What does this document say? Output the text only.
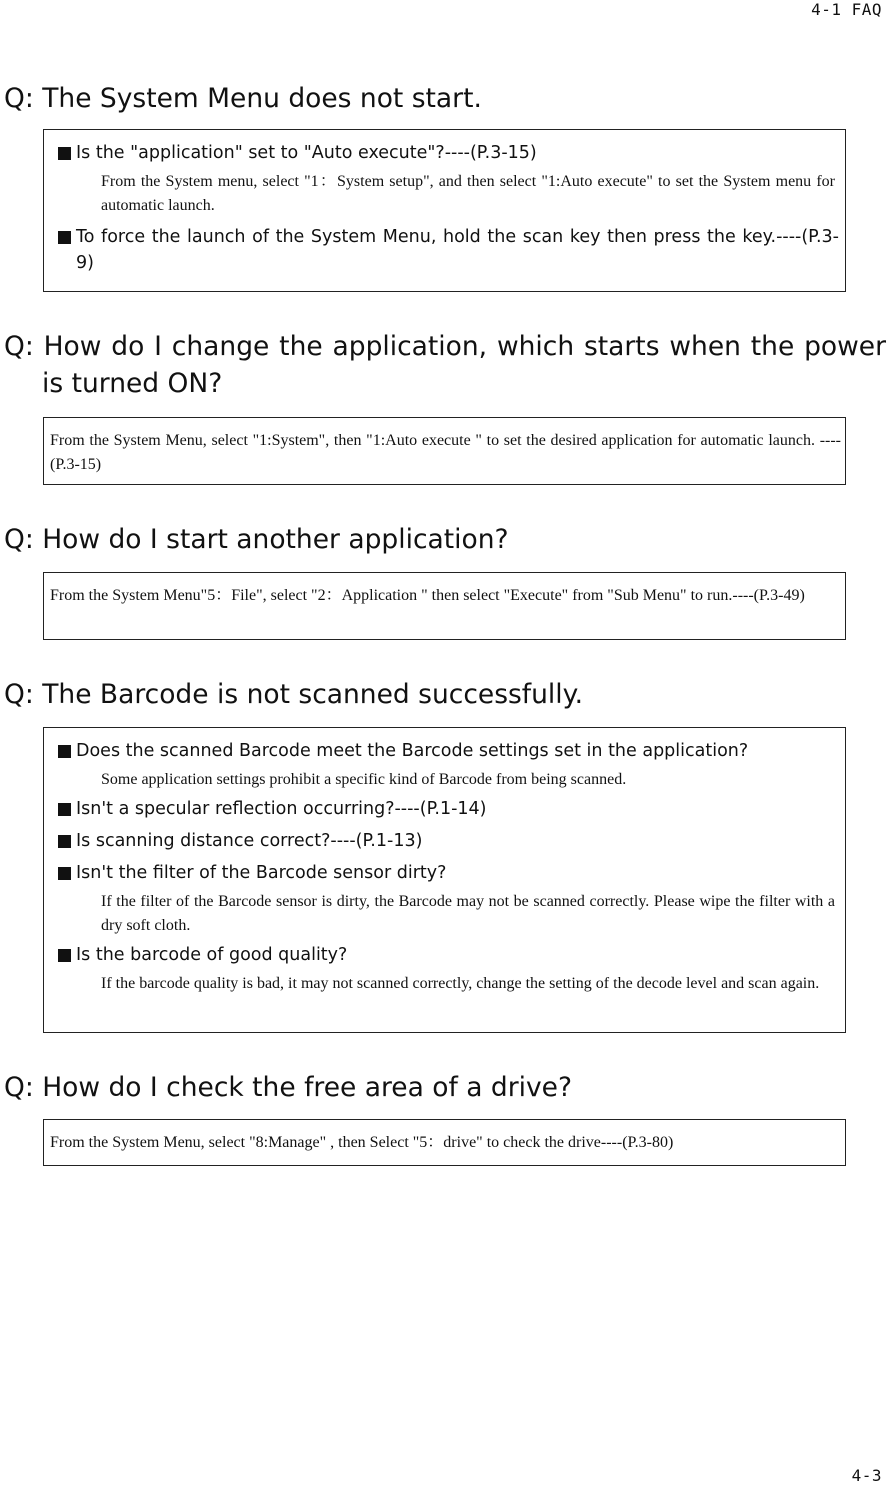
4-1 FAQ
Q: The System Menu does not start.
Is the "application" set to "Auto execute"?----(P.3-15)
From the System menu, select "1：System setup", and then select "1:Auto execute" to set the System menu for automatic launch.
To force the launch of the System Menu, hold the scan key then press the key.----(P.3-9)
Q: How do I change the application, which starts when the power is turned ON?
From the System Menu, select "1:System", then "1:Auto execute " to set the desired application for automatic launch. ----(P.3-15)
Q: How do I start another application?
From the System Menu"5：File", select "2：Application " then select "Execute" from "Sub Menu" to run.----(P.3-49)
Q: The Barcode is not scanned successfully.
Does the scanned Barcode meet the Barcode settings set in the application?
Some application settings prohibit a specific kind of Barcode from being scanned.
Isn't a specular reflection occurring?----(P.1-14)
Is scanning distance correct?----(P.1-13)
Isn't the filter of the Barcode sensor dirty?
If the filter of the Barcode sensor is dirty, the Barcode may not be scanned correctly. Please wipe the filter with a dry soft cloth.
Is the barcode of good quality?
If the barcode quality is bad, it may not scanned correctly, change the setting of the decode level and scan again.
Q: How do I check the free area of a drive?
From the System Menu, select "8:Manage" , then Select "5：drive" to check the drive----(P.3-80)
4-3
